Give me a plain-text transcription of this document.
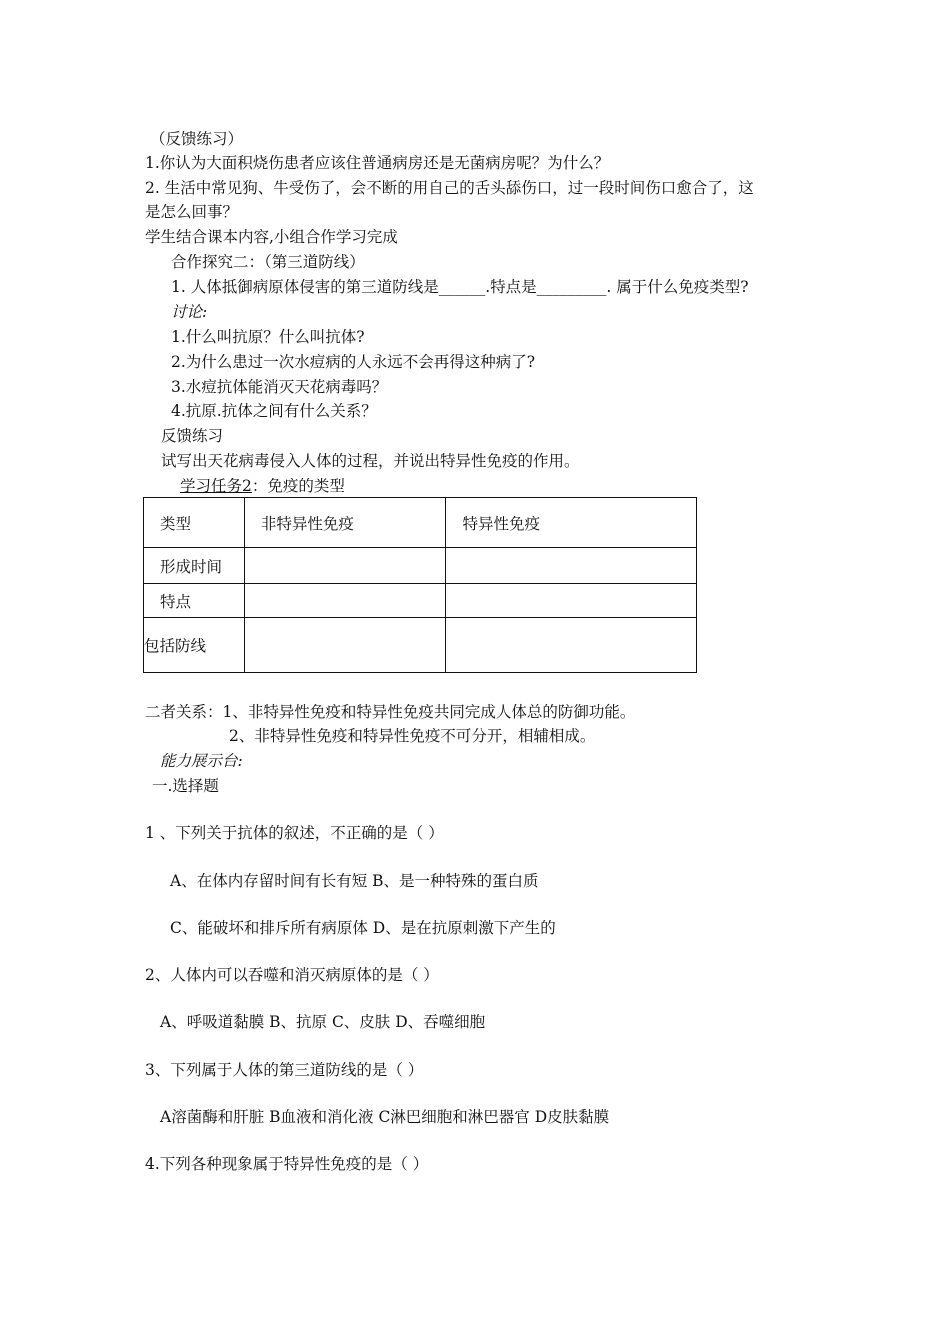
（反馈练习）
1.你认为大面积烧伤患者应该住普通病房还是无菌病房呢？为什么？
2. 生活中常见狗、牛受伤了，会不断的用自己的舌头舔伤口，过一段时间伤口愈合了，这
是怎么回事？
学生结合课本内容,小组合作学习完成
合作探究二：（第三道防线）
1. 人体抵御病原体侵害的第三道防线是______.特点是_________. 属于什么免疫类型?
讨论:
1.什么叫抗原？什么叫抗体?
2.为什么患过一次水痘病的人永远不会再得这种病了?
3.水痘抗体能消灭天花病毒吗？
4.抗原.抗体之间有什么关系？
反馈练习
试写出天花病毒侵入人体的过程，并说出特异性免疫的作用。
学习任务2：免疫的类型
类型	非特异性免疫	特异性免疫
形成时间		
特点		
包括防线		
二者关系：1、非特异性免疫和特异性免疫共同完成人体总的防御功能。
2、非特异性免疫和特异性免疫不可分开，相辅相成。
能力展示台:
一.选择题
1 、下列关于抗体的叙述，不正确的是（ ）
A、在体内存留时间有长有短 B、是一种特殊的蛋白质
C、能破坏和排斥所有病原体 D、是在抗原刺激下产生的
2、人体内可以吞噬和消灭病原体的是（ ）
A、呼吸道黏膜 B、抗原 C、皮肤 D、吞噬细胞
3、下列属于人体的第三道防线的是（ ）
A溶菌酶和肝脏 B血液和消化液 C淋巴细胞和淋巴器官 D皮肤黏膜
4.下列各种现象属于特异性免疫的是（ ）
